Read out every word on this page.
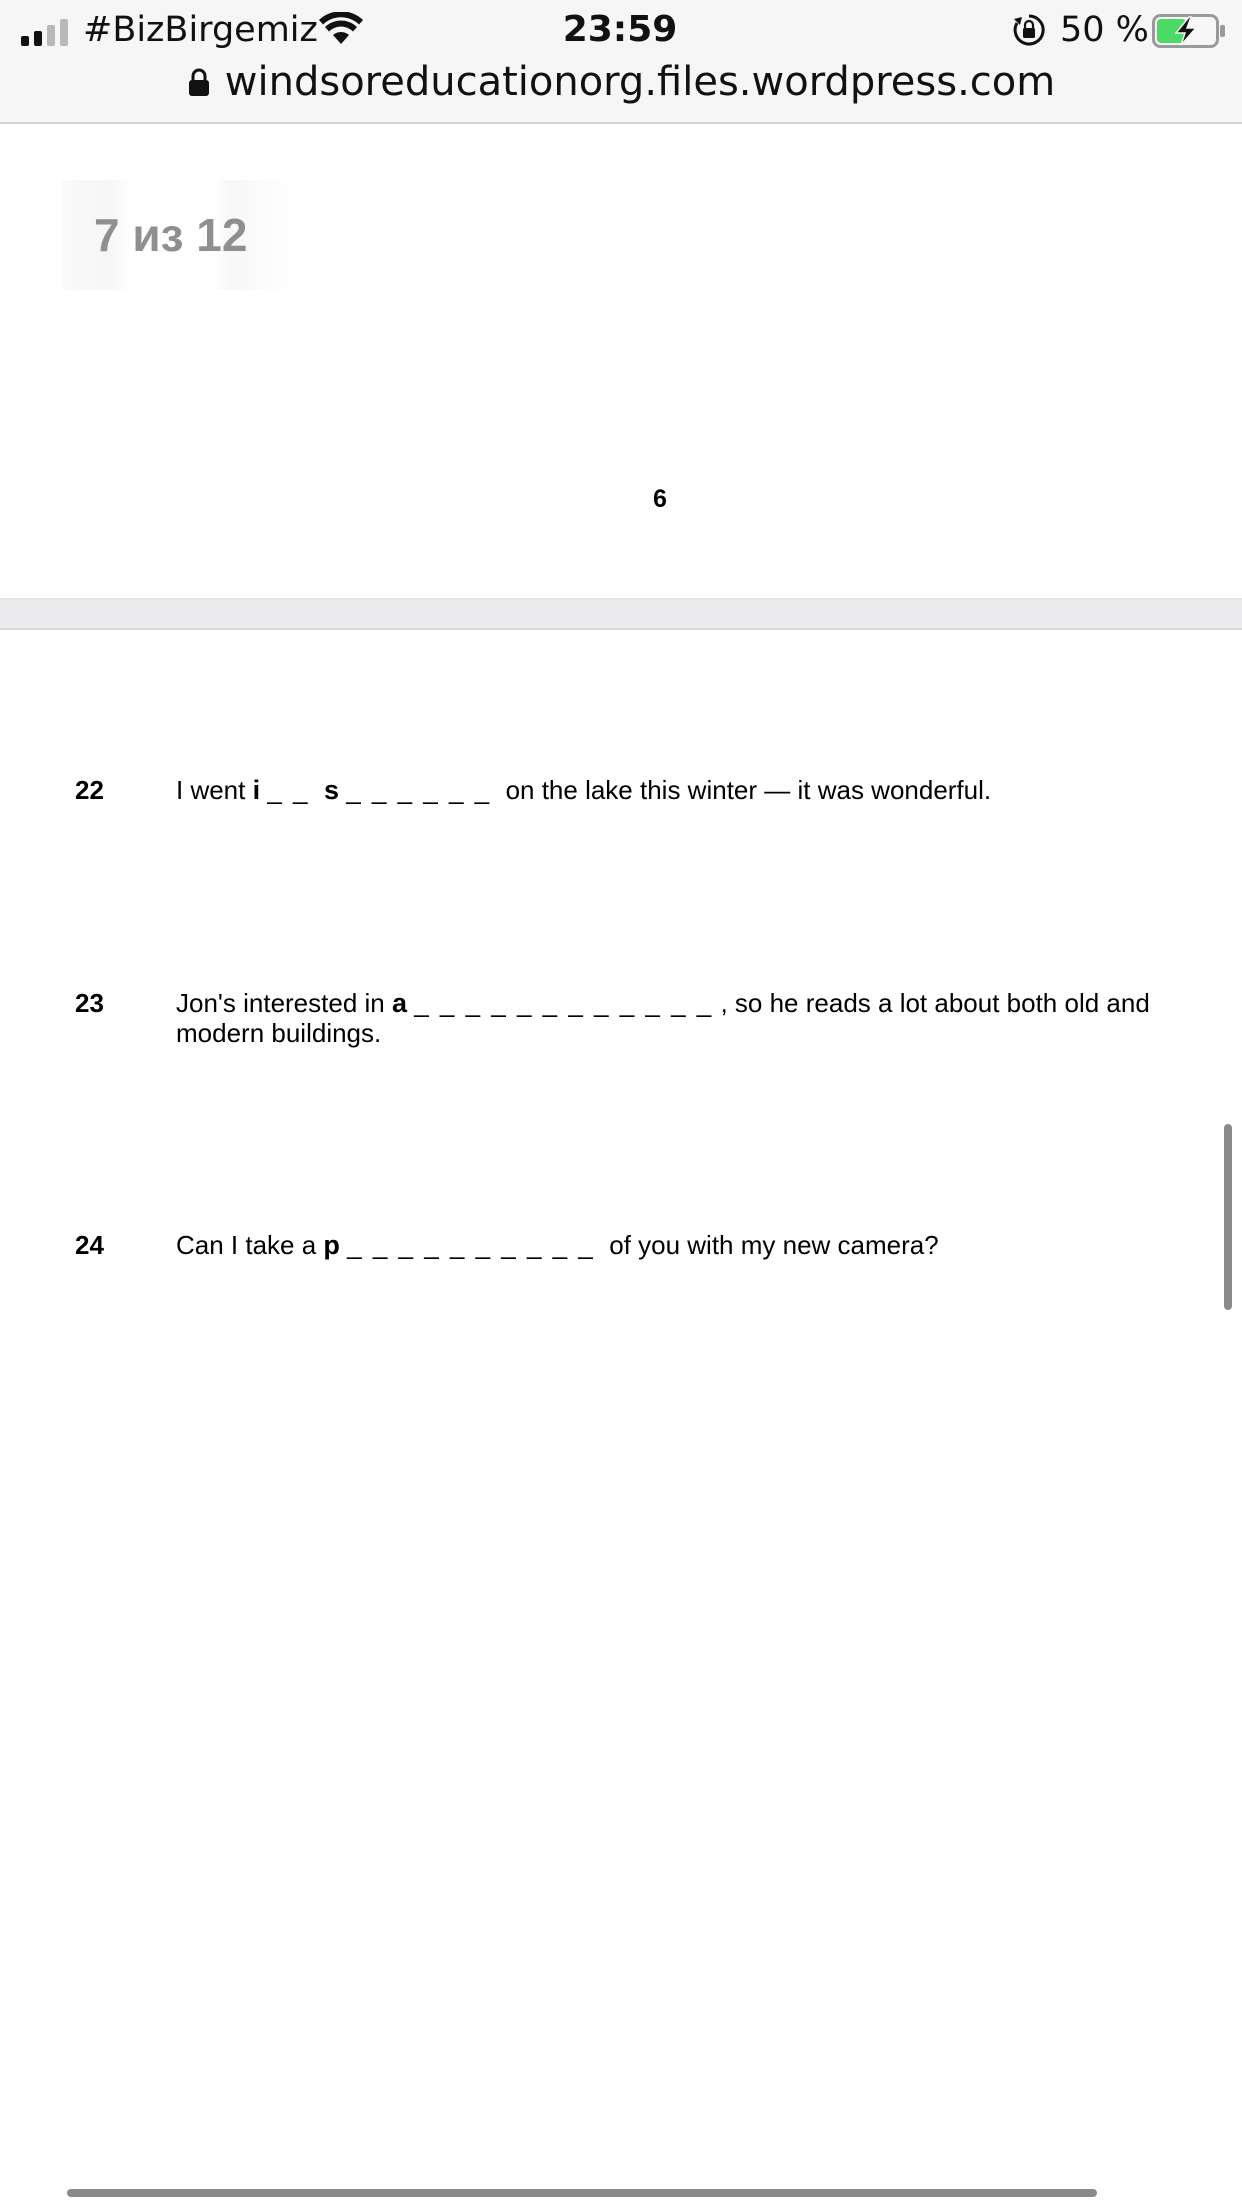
#BizBirgemiz	23:59	50 %
windsoreducationorg.files.wordpress.com
7 из 12
6
22	I went i _ _ s _ _ _ _ _ _ on the lake this winter — it was wonderful.
23	Jon's interested in a _ _ _ _ _ _ _ _ _ _ _ _ , so he reads a lot about both old and modern buildings.
24	Can I take a p _ _ _ _ _ _ _ _ _ _ of you with my new camera?
